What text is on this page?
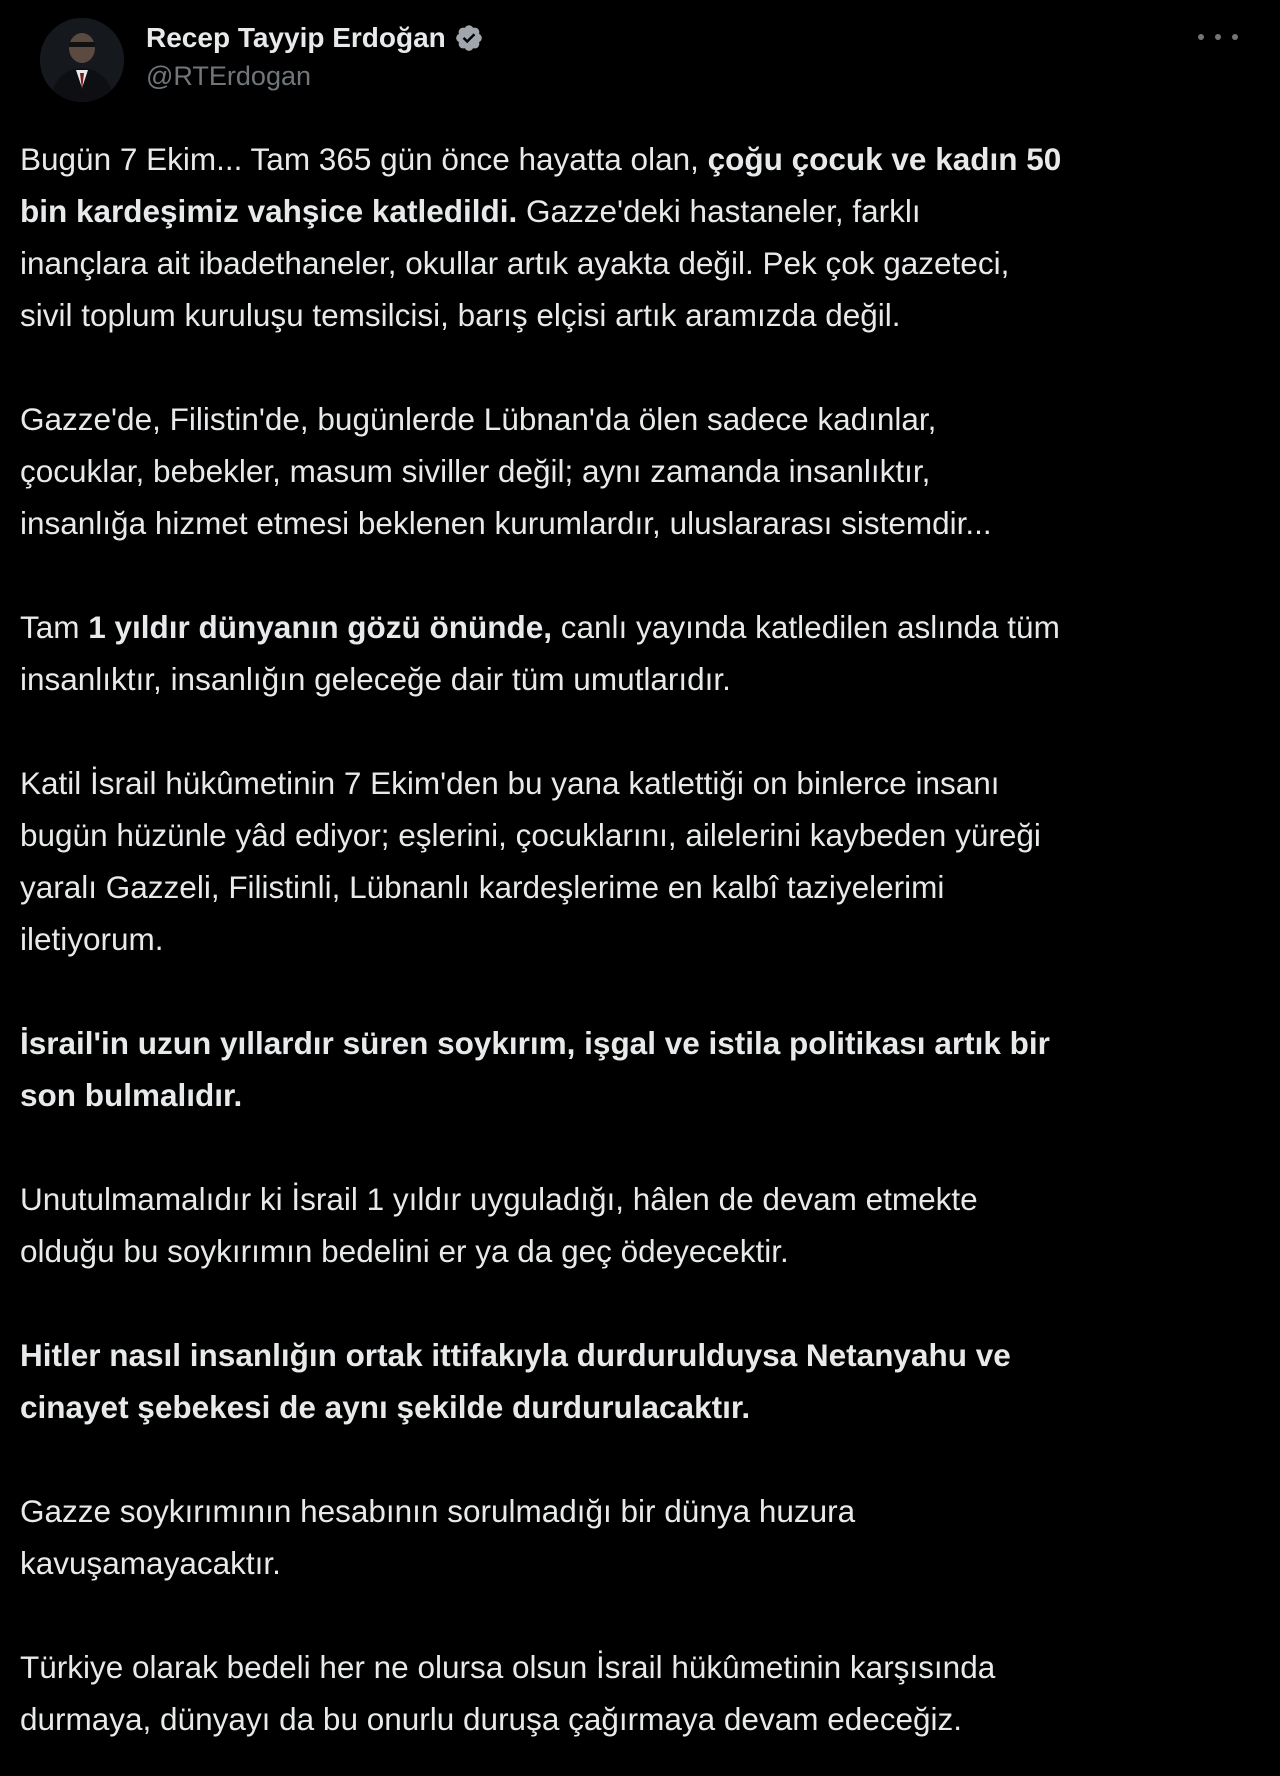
Recep Tayyip Erdoğan
@RTErdogan
Bugün 7 Ekim... Tam 365 gün önce hayatta olan, çoğu çocuk ve kadın 50
bin kardeşimiz vahşice katledildi. Gazze'deki hastaneler, farklı
inançlara ait ibadethaneler, okullar artık ayakta değil. Pek çok gazeteci,
sivil toplum kuruluşu temsilcisi, barış elçisi artık aramızda değil.
Gazze'de, Filistin'de, bugünlerde Lübnan'da ölen sadece kadınlar,
çocuklar, bebekler, masum siviller değil; aynı zamanda insanlıktır,
insanlığa hizmet etmesi beklenen kurumlardır, uluslararası sistemdir...
Tam 1 yıldır dünyanın gözü önünde, canlı yayında katledilen aslında tüm
insanlıktır, insanlığın geleceğe dair tüm umutlarıdır.
Katil İsrail hükûmetinin 7 Ekim'den bu yana katlettiği on binlerce insanı
bugün hüzünle yâd ediyor; eşlerini, çocuklarını, ailelerini kaybeden yüreği
yaralı Gazzeli, Filistinli, Lübnanlı kardeşlerime en kalbî taziyelerimi
iletiyorum.
İsrail'in uzun yıllardır süren soykırım, işgal ve istila politikası artık bir
son bulmalıdır.
Unutulmamalıdır ki İsrail 1 yıldır uyguladığı, hâlen de devam etmekte
olduğu bu soykırımın bedelini er ya da geç ödeyecektir.
Hitler nasıl insanlığın ortak ittifakıyla durdurulduysa Netanyahu ve
cinayet şebekesi de aynı şekilde durdurulacaktır.
Gazze soykırımının hesabının sorulmadığı bir dünya huzura
kavuşamayacaktır.
Türkiye olarak bedeli her ne olursa olsun İsrail hükûmetinin karşısında
durmaya, dünyayı da bu onurlu duruşa çağırmaya devam edeceğiz.
